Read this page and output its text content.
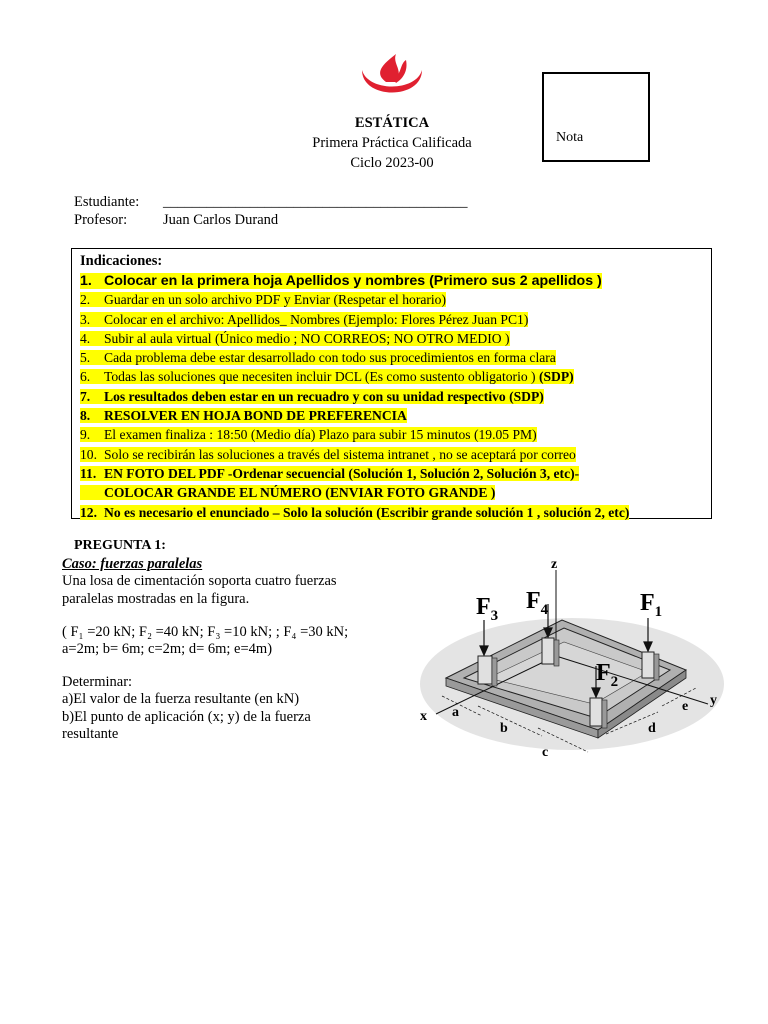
ESTÁTICA
Primera Práctica Calificada
Ciclo 2023-00
Nota
Estudiante: __________________________________________
Profesor: Juan Carlos Durand
Indicaciones:
1. Colocar en la primera hoja Apellidos y nombres (Primero sus 2 apellidos )
2. Guardar en un solo archivo PDF y Enviar (Respetar el horario)
3. Colocar en el archivo: Apellidos_ Nombres (Ejemplo: Flores Pérez Juan PC1)
4. Subir al aula virtual (Único medio ; NO CORREOS; NO OTRO MEDIO )
5. Cada problema debe estar desarrollado con todo sus procedimientos en forma clara
6. Todas las soluciones que necesiten incluir DCL (Es como sustento obligatorio ) (SDP)
7. Los resultados deben estar en un recuadro y con su unidad respectivo (SDP)
8. RESOLVER EN HOJA BOND DE PREFERENCIA
9. El examen finaliza : 18:50 (Medio día) Plazo para subir 15 minutos (19.05 PM)
10. Solo se recibirán las soluciones a través del sistema intranet , no se aceptará por correo
11. EN FOTO DEL PDF -Ordenar secuencial (Solución 1, Solución 2, Solución 3, etc)-
COLOCAR GRANDE EL NÚMERO (ENVIAR FOTO GRANDE )
12. No es necesario el enunciado – Solo la solución (Escribir grande solución 1 , solución 2, etc)
PREGUNTA 1:
Caso: fuerzas paralelas
Una losa de cimentación soporta cuatro fuerzas
paralelas mostradas en la figura.
( F₁ =20 kN; F₂ =40 kN; F₃ =10 kN; ; F₄ =30 kN;
a=2m; b= 6m; c=2m; d= 6m; e=4m)
Determinar:
a)El valor de la fuerza resultante (en kN)
b)El punto de aplicación (x; y) de la fuerza
resultante
z
x
y
$F_3$
$F_4$	$F_1$
$F_2$
a
b
c
d
e
